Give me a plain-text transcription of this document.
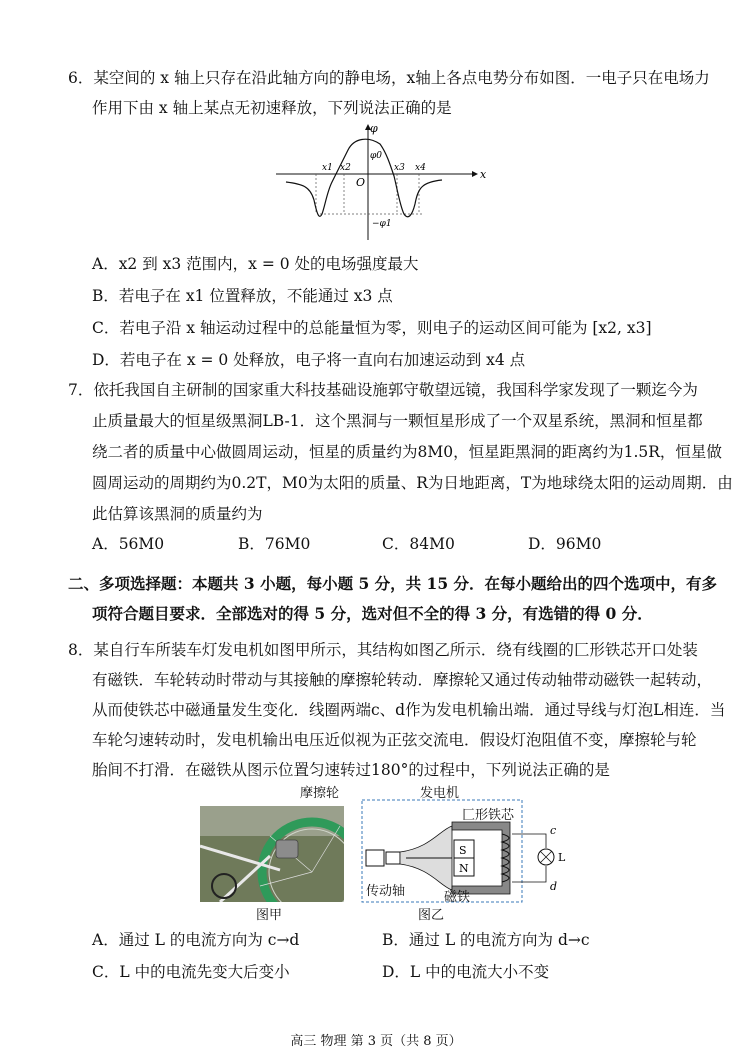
6．某空间的 x 轴上只存在沿此轴方向的静电场，x轴上各点电势分布如图．一电子只在电场力
作用下由 x 轴上某点无初速释放，下列说法正确的是
φ
x
O
φ0
−φ1
x1 x2	x3 x4
A．x2 到 x3 范围内，x = 0 处的电场强度最大
B．若电子在 x1 位置释放，不能通过 x3 点
C．若电子沿 x 轴运动过程中的总能量恒为零，则电子的运动区间可能为 [x2, x3]
D．若电子在 x = 0 处释放，电子将一直向右加速运动到 x4 点
7．依托我国自主研制的国家重大科技基础设施郭守敬望远镜，我国科学家发现了一颗迄今为
止质量最大的恒星级黑洞LB-1．这个黑洞与一颗恒星形成了一个双星系统，黑洞和恒星都
绕二者的质量中心做圆周运动，恒星的质量约为8M0，恒星距黑洞的距离约为1.5R，恒星做
圆周运动的周期约为0.2T，M0为太阳的质量、R为日地距离，T为地球绕太阳的运动周期．由
此估算该黑洞的质量约为
A．56M0	B．76M0	C．84M0	D．96M0
二、多项选择题：本题共 3 小题，每小题 5 分，共 15 分．在每小题给出的四个选项中，有多
项符合题目要求．全部选对的得 5 分，选对但不全的得 3 分，有选错的得 0 分．
8．某自行车所装车灯发电机如图甲所示，其结构如图乙所示．绕有线圈的匚形铁芯开口处装
有磁铁．车轮转动时带动与其接触的摩擦轮转动．摩擦轮又通过传动轴带动磁铁一起转动，
从而使铁芯中磁通量发生变化．线圈两端c、d作为发电机输出端．通过导线与灯泡L相连．当
车轮匀速转动时，发电机输出电压近似视为正弦交流电．假设灯泡阻值不变，摩擦轮与轮
胎间不打滑．在磁铁从图示位置匀速转过180°的过程中，下列说法正确的是
图甲
摩擦轮
S
N
c
d
L
发电机
匚形铁芯
传动轴	磁铁
图乙
A．通过 L 的电流方向为 c→d	B．通过 L 的电流方向为 d→c
C．L 中的电流先变大后变小	D．L 中的电流大小不变
高三 物理 第 3 页（共 8 页）
